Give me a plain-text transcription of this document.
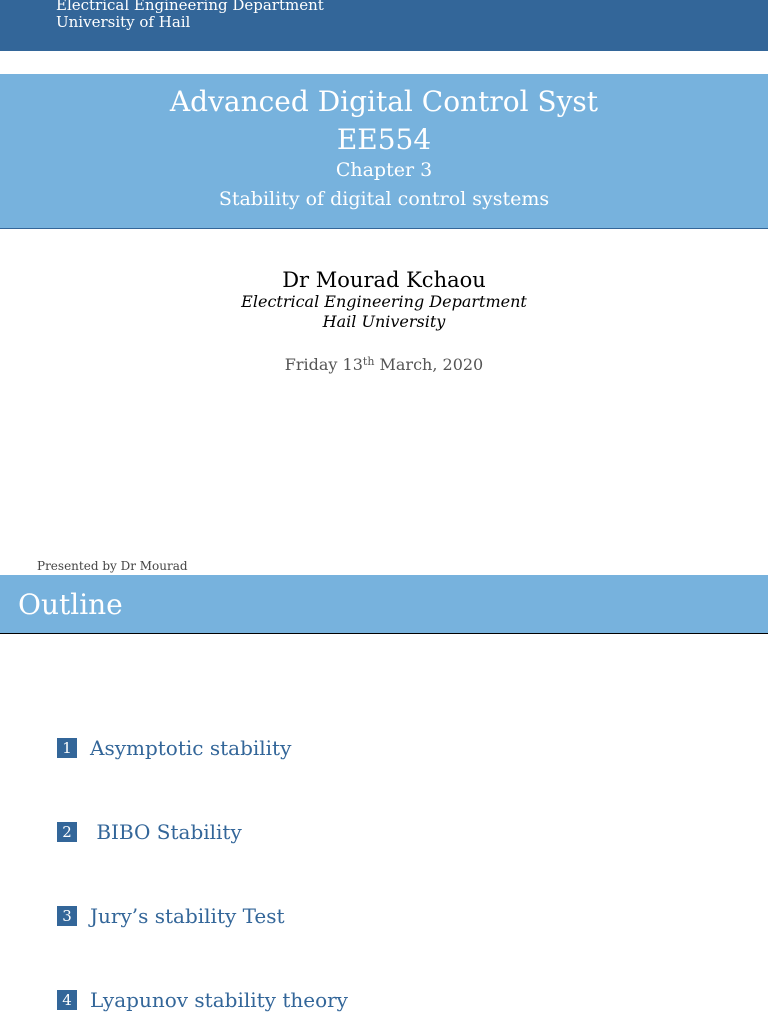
Electrical Engineering Department
University of Hail
Advanced Digital Control Syst
EE554
Chapter 3
Stability of digital control systems
Dr Mourad Kchaou
Electrical Engineering Department
Hail University
Friday 13th March, 2020
Presented by Dr Mourad
Outline
1 Asymptotic stability
2 BIBO Stability
3 Jury’s stability Test
4 Lyapunov stability theory
